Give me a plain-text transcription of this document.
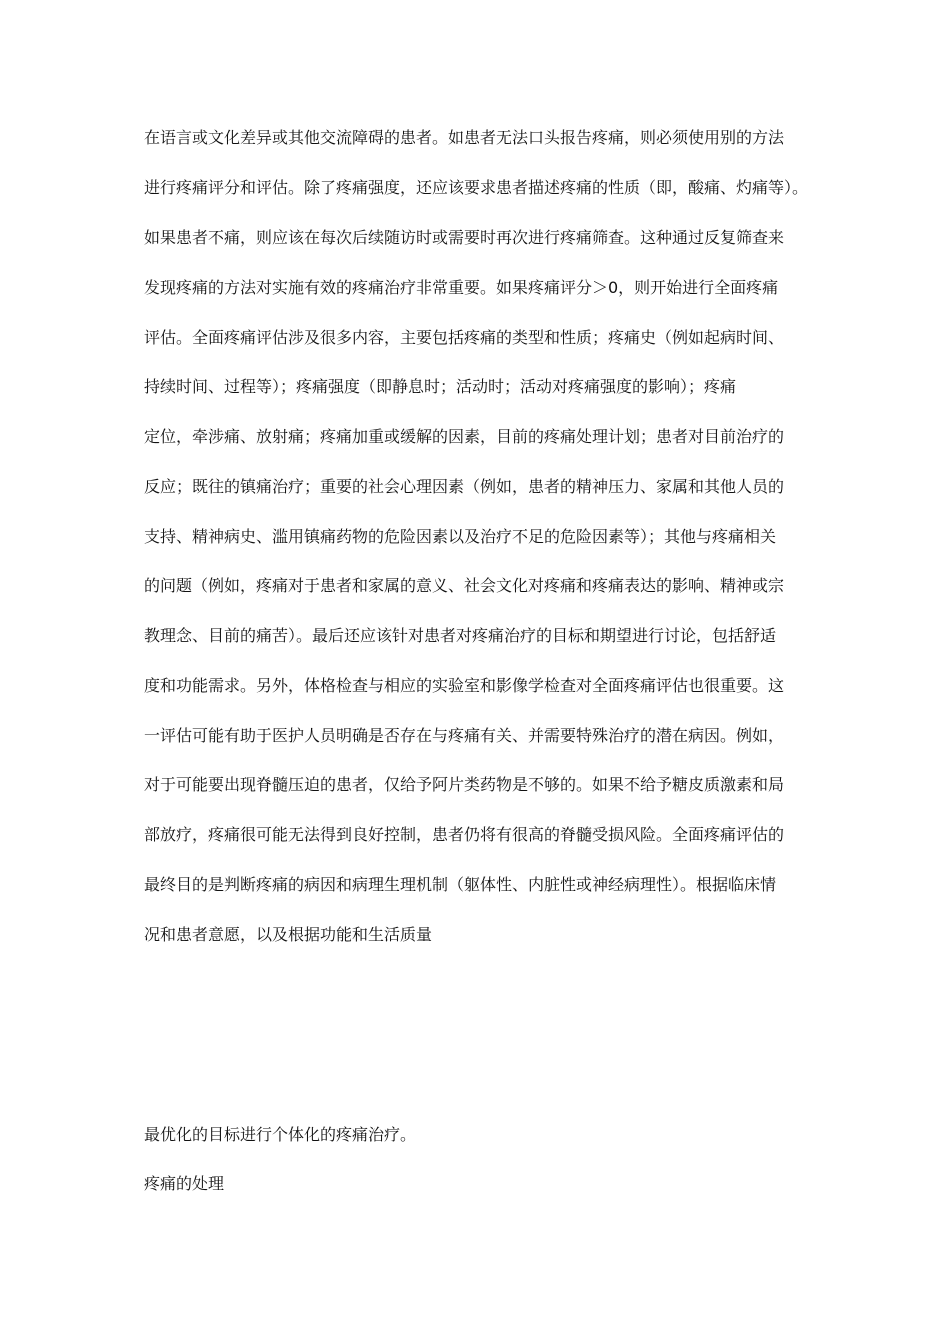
在语言或文化差异或其他交流障碍的患者。如患者无法口头报告疼痛，则必须使用别的方法
进行疼痛评分和评估。除了疼痛强度，还应该要求患者描述疼痛的性质（即，酸痛、灼痛等）。
如果患者不痛，则应该在每次后续随访时或需要时再次进行疼痛筛查。这种通过反复筛查来
发现疼痛的方法对实施有效的疼痛治疗非常重要。如果疼痛评分＞0，则开始进行全面疼痛
评估。全面疼痛评估涉及很多内容，主要包括疼痛的类型和性质；疼痛史（例如起病时间、
持续时间、过程等）；疼痛强度（即静息时；活动时；活动对疼痛强度的影响）；疼痛
定位，牵涉痛、放射痛；疼痛加重或缓解的因素，目前的疼痛处理计划；患者对目前治疗的
反应；既往的镇痛治疗；重要的社会心理因素（例如，患者的精神压力、家属和其他人员的
支持、精神病史、滥用镇痛药物的危险因素以及治疗不足的危险因素等）；其他与疼痛相关
的问题（例如，疼痛对于患者和家属的意义、社会文化对疼痛和疼痛表达的影响、精神或宗
教理念、目前的痛苦）。最后还应该针对患者对疼痛治疗的目标和期望进行讨论，包括舒适
度和功能需求。另外，体格检查与相应的实验室和影像学检查对全面疼痛评估也很重要。这
一评估可能有助于医护人员明确是否存在与疼痛有关、并需要特殊治疗的潜在病因。例如，
对于可能要出现脊髓压迫的患者，仅给予阿片类药物是不够的。如果不给予糖皮质激素和局
部放疗，疼痛很可能无法得到良好控制，患者仍将有很高的脊髓受损风险。全面疼痛评估的
最终目的是判断疼痛的病因和病理生理机制（躯体性、内脏性或神经病理性）。根据临床情
况和患者意愿，以及根据功能和生活质量
最优化的目标进行个体化的疼痛治疗。
疼痛的处理
